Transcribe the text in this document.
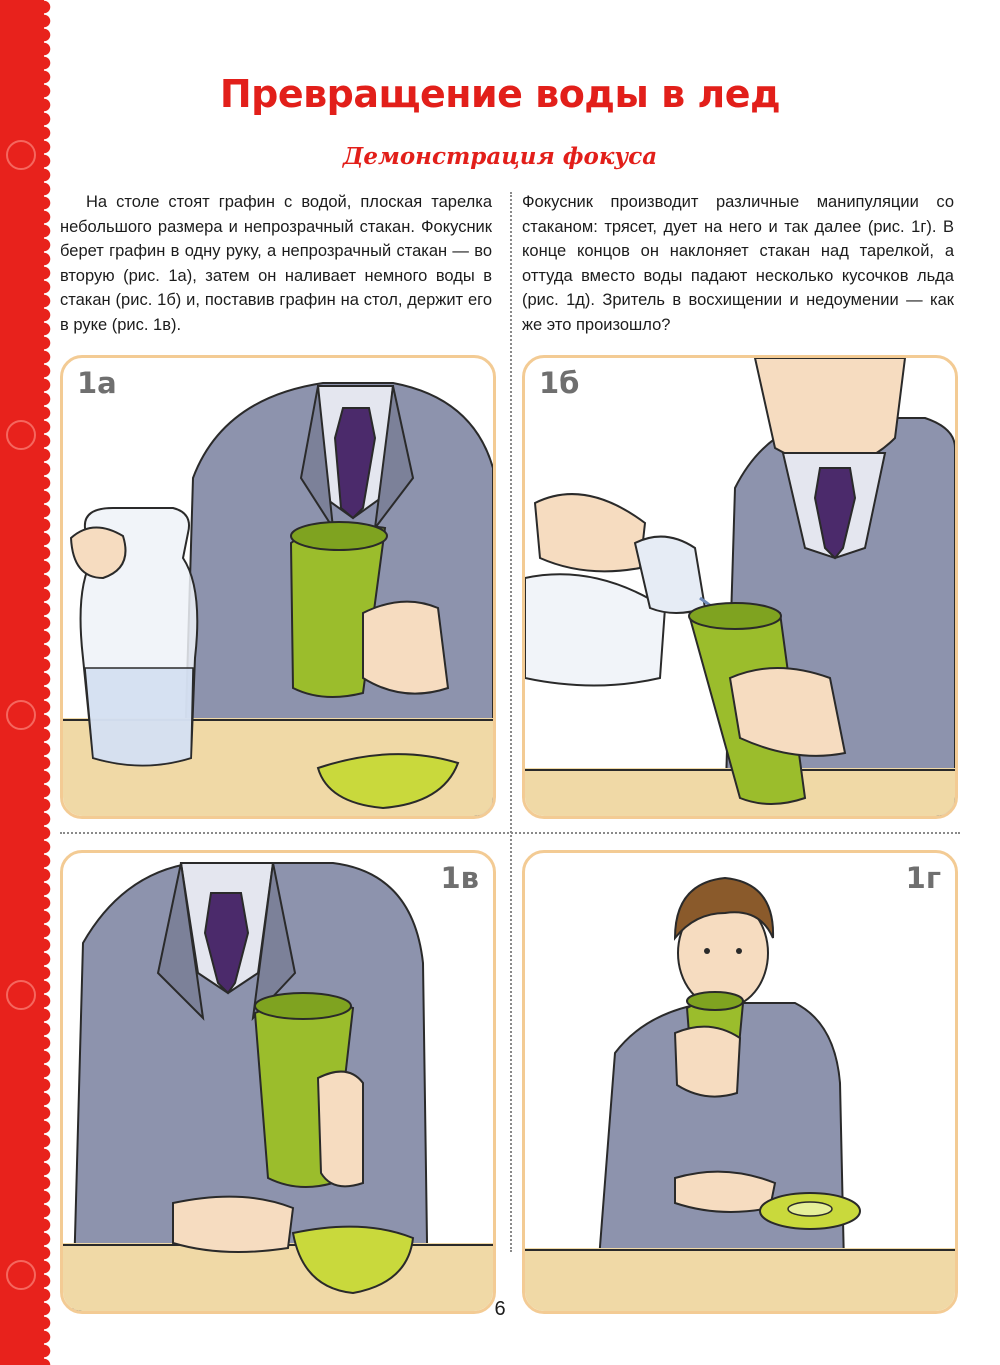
Превращение воды в лед
Демонстрация фокуса

На столе стоят графин с водой, плоская тарелка небольшого размера и непрозрачный стакан. Фокусник берет графин в одну руку, а непрозрачный стакан — во вторую (рис. 1а), затем он наливает немного воды в стакан (рис. 1б) и, поставив графин на стол, держит его в руке (рис. 1в).

Фокусник производит различные манипуляции со стаканом: трясет, дует на него и так далее (рис. 1г). В конце концов он наклоняет стакан над тарелкой, а оттуда вместо воды падают несколько кусочков льда (рис. 1д). Зритель в восхищении и недоумении — как же это произошло?

1а	1б
1в	1г
6
